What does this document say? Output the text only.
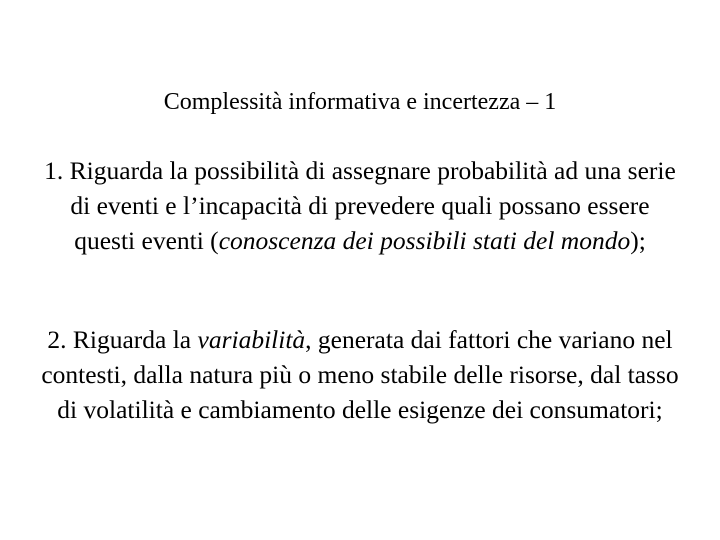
Complessità informativa e incertezza – 1
1. Riguarda la possibilità di assegnare probabilità ad una serie di eventi e l’incapacità di prevedere quali possano essere questi eventi (conoscenza dei possibili stati del mondo);
2. Riguarda la variabilità, generata dai fattori che variano nel contesti, dalla natura più o meno stabile delle risorse, dal tasso di volatilità e cambiamento delle esigenze dei consumatori;
